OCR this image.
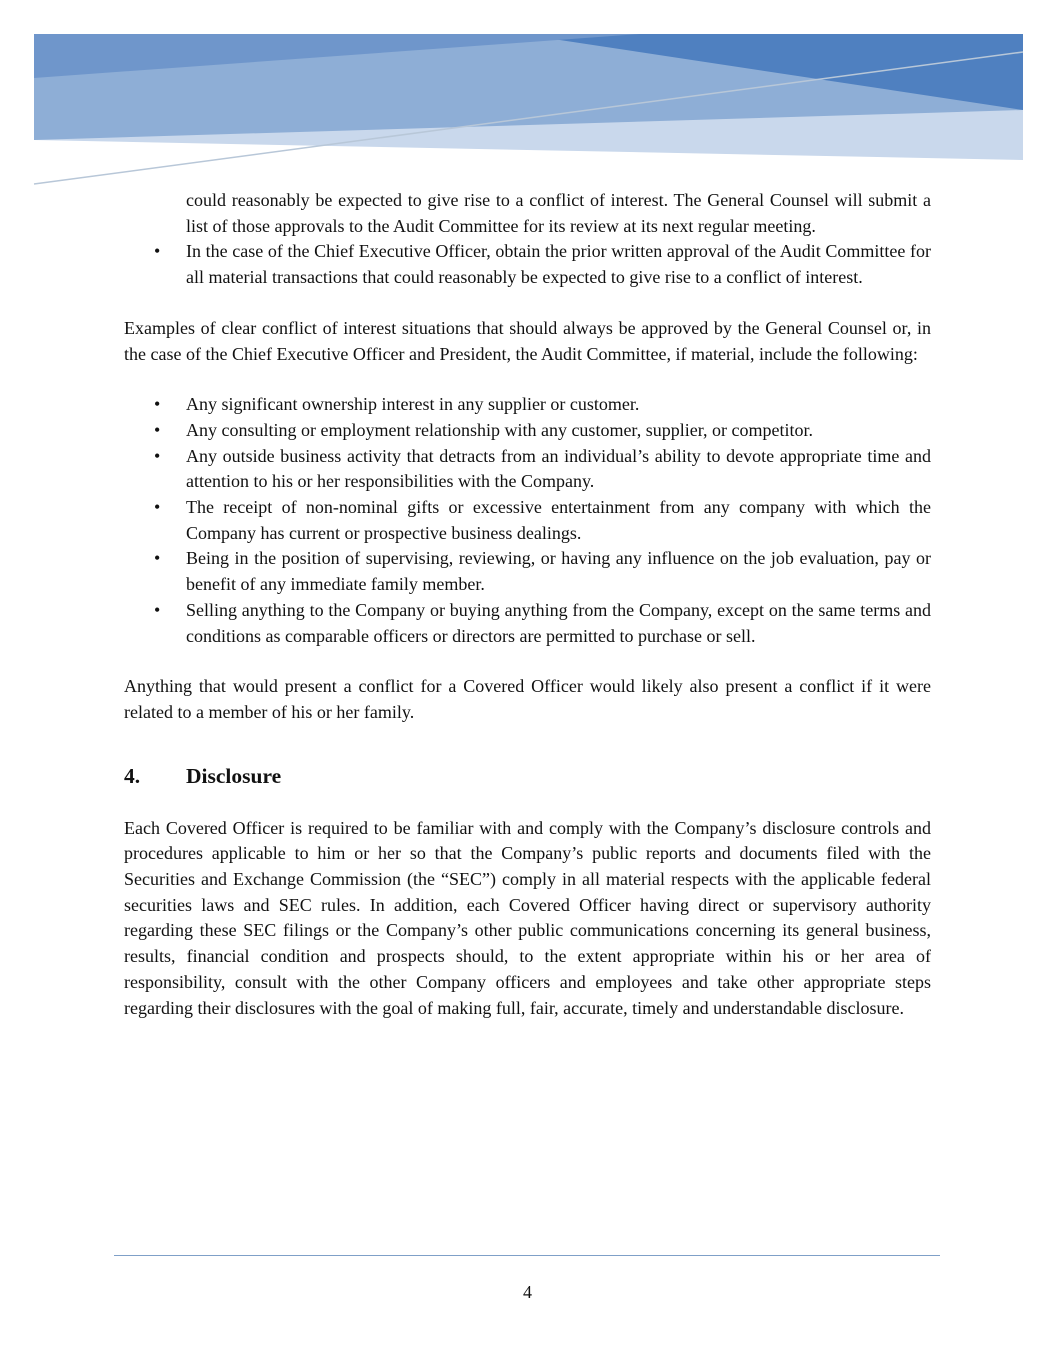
could reasonably be expected to give rise to a conflict of interest. The General Counsel will submit a list of those approvals to the Audit Committee for its review at its next regular meeting.

• In the case of the Chief Executive Officer, obtain the prior written approval of the Audit Committee for all material transactions that could reasonably be expected to give rise to a conflict of interest.

Examples of clear conflict of interest situations that should always be approved by the General Counsel or, in the case of the Chief Executive Officer and President, the Audit Committee, if material, include the following:

• Any significant ownership interest in any supplier or customer.
• Any consulting or employment relationship with any customer, supplier, or competitor.
• Any outside business activity that detracts from an individual’s ability to devote appropriate time and attention to his or her responsibilities with the Company.
• The receipt of non-nominal gifts or excessive entertainment from any company with which the Company has current or prospective business dealings.
• Being in the position of supervising, reviewing, or having any influence on the job evaluation, pay or benefit of any immediate family member.
• Selling anything to the Company or buying anything from the Company, except on the same terms and conditions as comparable officers or directors are permitted to purchase or sell.

Anything that would present a conflict for a Covered Officer would likely also present a conflict if it were related to a member of his or her family.

4.	Disclosure

Each Covered Officer is required to be familiar with and comply with the Company’s disclosure controls and procedures applicable to him or her so that the Company’s public reports and documents filed with the Securities and Exchange Commission (the “SEC”) comply in all material respects with the applicable federal securities laws and SEC rules. In addition, each Covered Officer having direct or supervisory authority regarding these SEC filings or the Company’s other public communications concerning its general business, results, financial condition and prospects should, to the extent appropriate within his or her area of responsibility, consult with the other Company officers and employees and take other appropriate steps regarding their disclosures with the goal of making full, fair, accurate, timely and understandable disclosure.

4
